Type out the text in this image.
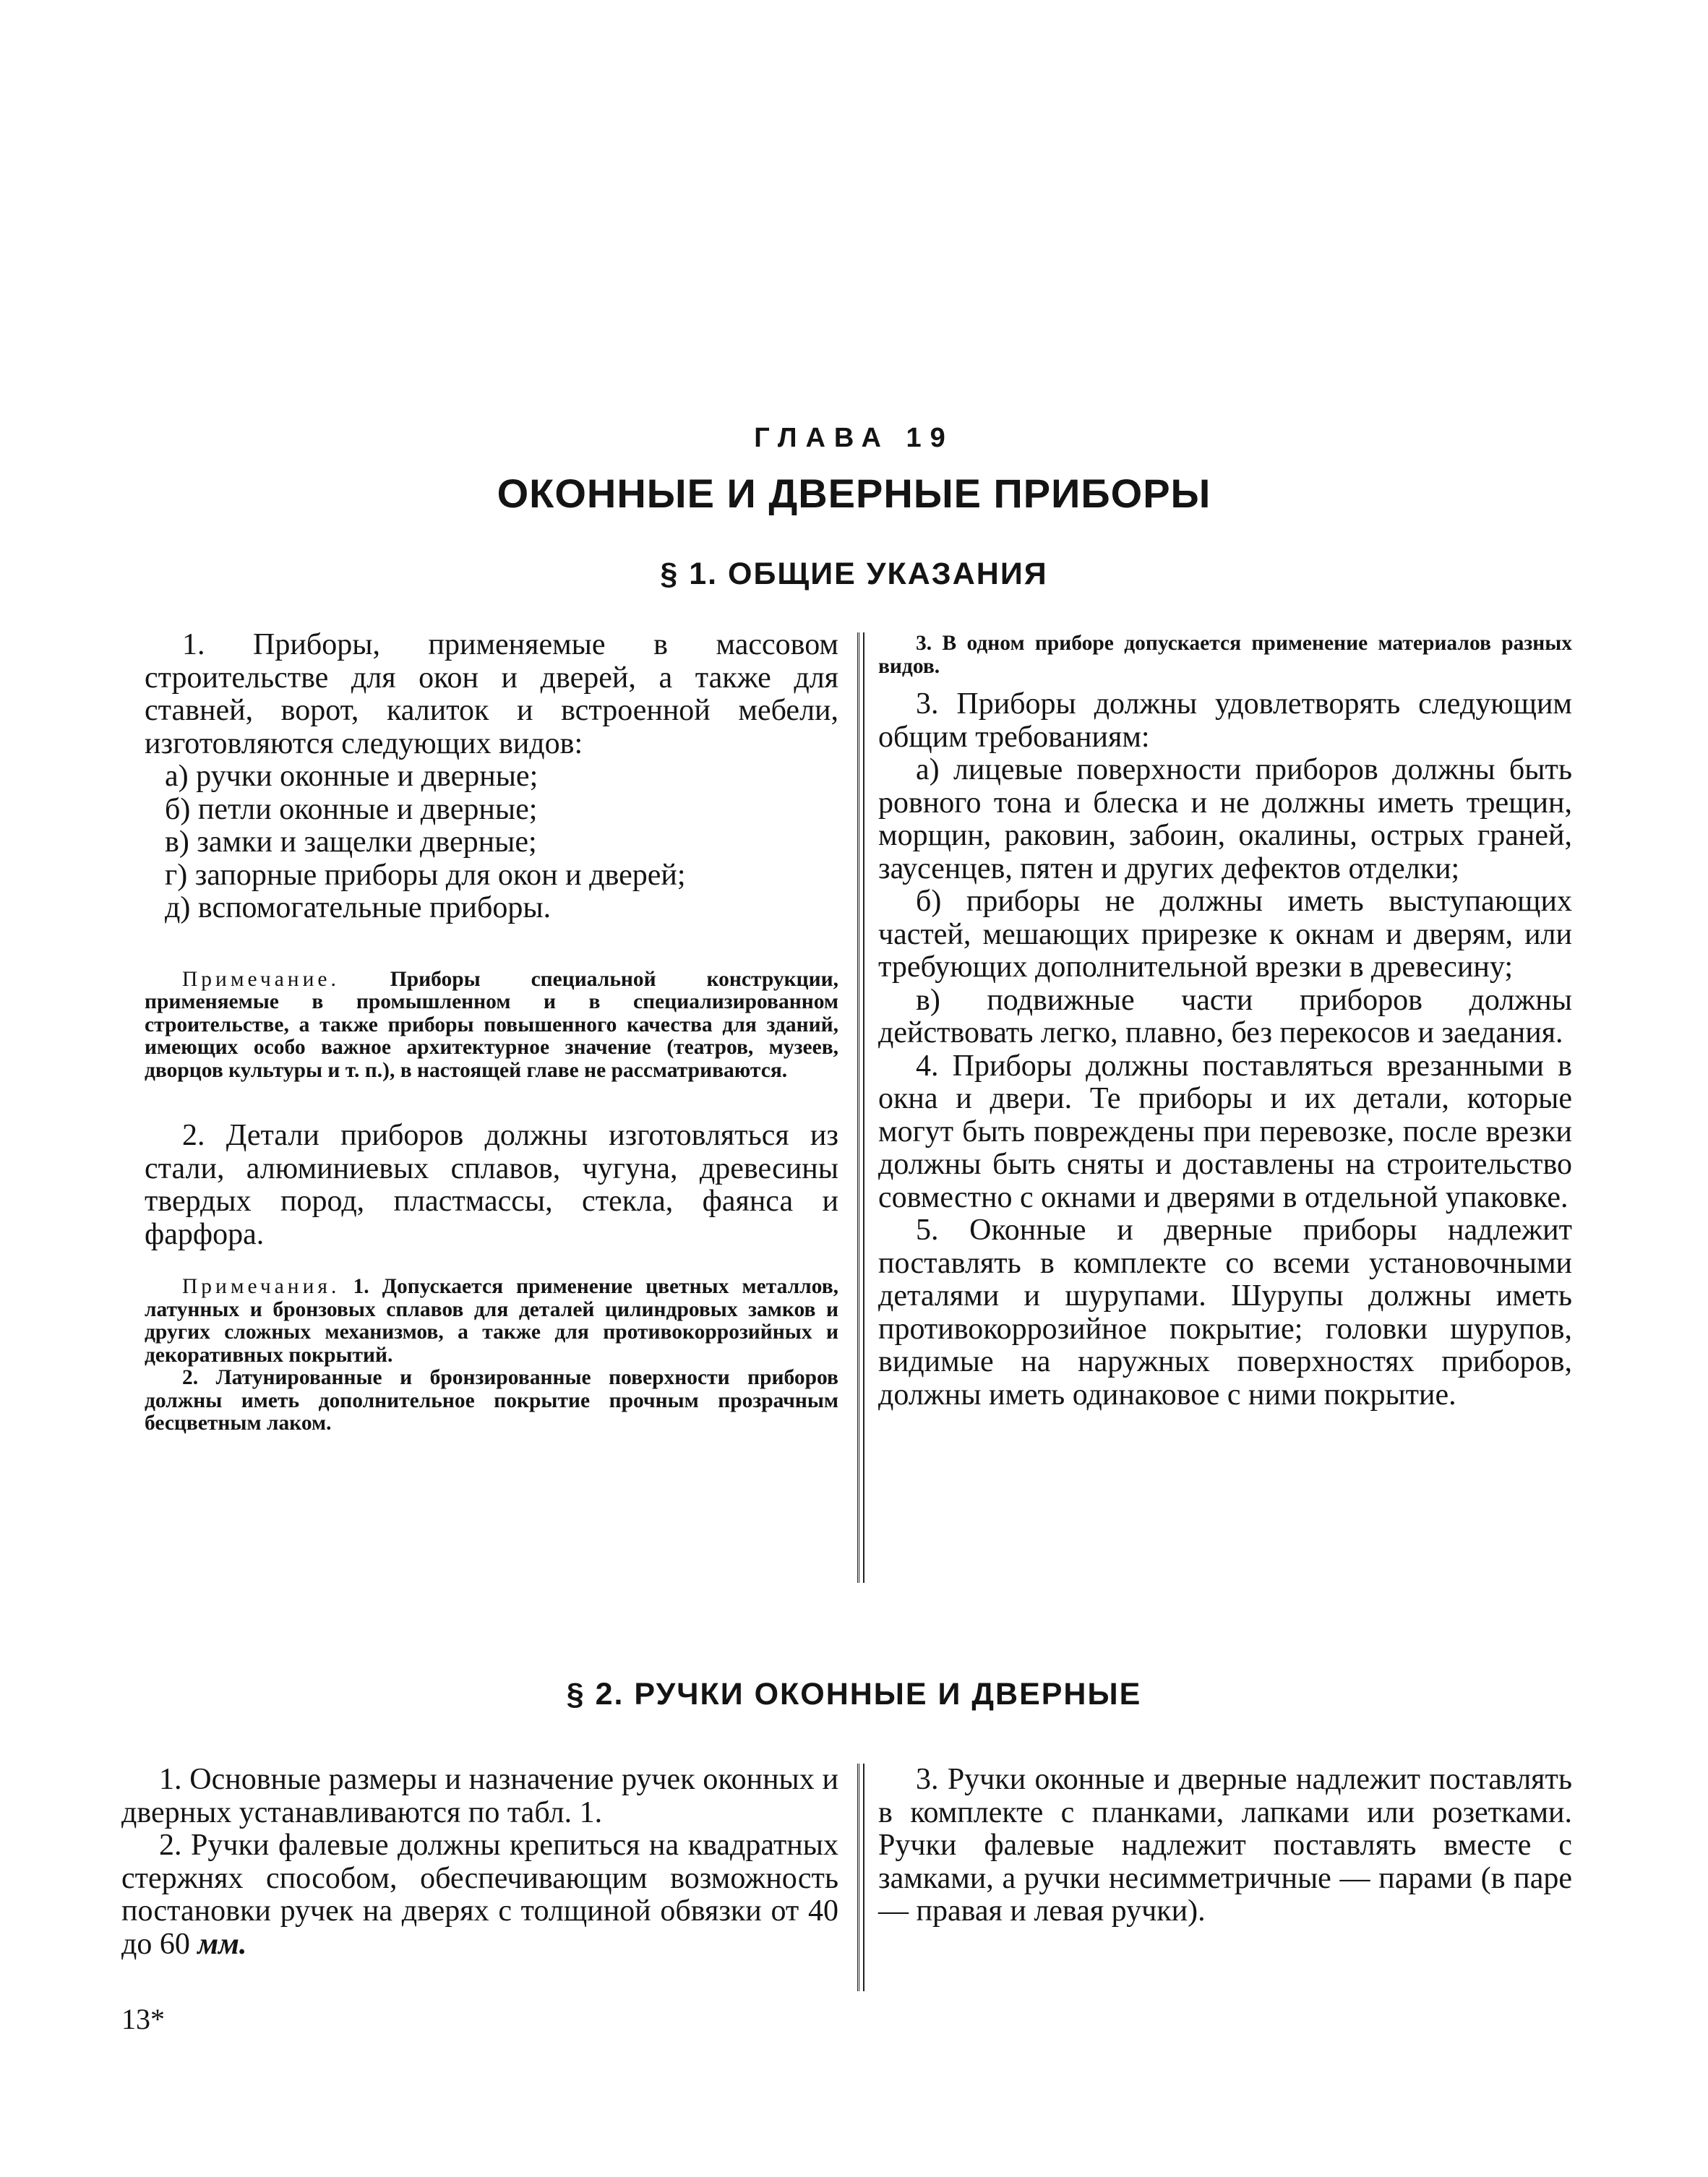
ГЛАВА 19
ОКОННЫЕ И ДВЕРНЫЕ ПРИБОРЫ
§ 1. ОБЩИЕ УКАЗАНИЯ

1. Приборы, применяемые в массовом строительстве для окон и дверей, а также для ставней, ворот, калиток и встроенной мебели, изготовляются следующих видов:

а) ручки оконные и дверные;
б) петли оконные и дверные;
в) замки и защелки дверные;
г) запорные приборы для окон и дверей;
д) вспомогательные приборы.

Примечание. Приборы специальной конструкции, применяемые в промышленном и в специализированном строительстве, а также приборы повышенного качества для зданий, имеющих особо важное архитектурное значение (театров, музеев, дворцов культуры и т. п.), в настоящей главе не рассматриваются.

2. Детали приборов должны изготовляться из стали, алюминиевых сплавов, чугуна, древесины твердых пород, пластмассы, стекла, фаянса и фарфора.

Примечания. 1. Допускается применение цветных металлов, латунных и бронзовых сплавов для деталей цилиндровых замков и других сложных механизмов, а также для противокоррозийных и декоративных покрытий.

2. Латунированные и бронзированные поверхности приборов должны иметь дополнительное покрытие прочным прозрачным бесцветным лаком.

3. В одном приборе допускается применение материалов разных видов.

3. Приборы должны удовлетворять следующим общим требованиям:

а) лицевые поверхности приборов должны быть ровного тона и блеска и не должны иметь трещин, морщин, раковин, забоин, окалины, острых граней, заусенцев, пятен и других дефектов отделки;

б) приборы не должны иметь выступающих частей, мешающих прирезке к окнам и дверям, или требующих дополнительной врезки в древесину;

в) подвижные части приборов должны действовать легко, плавно, без перекосов и заедания.

4. Приборы должны поставляться врезанными в окна и двери. Те приборы и их детали, которые могут быть повреждены при перевозке, после врезки должны быть сняты и доставлены на строительство совместно с окнами и дверями в отдельной упаковке.

5. Оконные и дверные приборы надлежит поставлять в комплекте со всеми установочными деталями и шурупами. Шурупы должны иметь противокоррозийное покрытие; головки шурупов, видимые на наружных поверхностях приборов, должны иметь одинаковое с ними покрытие.

§ 2. РУЧКИ ОКОННЫЕ И ДВЕРНЫЕ

1. Основные размеры и назначение ручек оконных и дверных устанавливаются по табл. 1.

2. Ручки фалевые должны крепиться на квадратных стержнях способом, обеспечивающим возможность постановки ручек на дверях с толщиной обвязки от 40 до 60 мм.

3. Ручки оконные и дверные надлежит поставлять в комплекте с планками, лапками или розетками. Ручки фалевые надлежит поставлять вместе с замками, а ручки несимметричные — парами (в паре — правая и левая ручки).

13*
